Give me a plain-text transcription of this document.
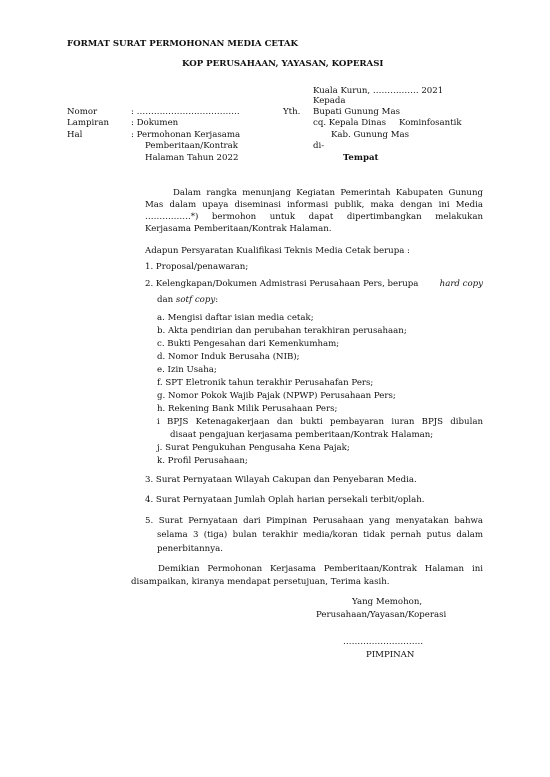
FORMAT SURAT PERMOHONAN MEDIA CETAK
KOP PERUSAHAAN, YAYASAN, KOPERASI
Kuala Kurun, ……………. 2021
Kepada
Nomor	: ………………………………	Yth. Bupati Gunung Mas
Lampiran	: Dokumen	cq. Kepala Dinas Kominfosantik
Hal	: Permohonan Kerjasama	Kab. Gunung Mas
Pemberitaan/Kontrak	di-
Halaman Tahun 2022	Tempat
Dalam rangka menunjang Kegiatan Pemerintah Kabupaten Gunung
Mas dalam upaya diseminasi informasi publik, maka dengan ini Media
…………….*) bermohon untuk dapat dipertimbangkan melakukan
Kerjasama Pemberitaan/Kontrak Halaman.
Adapun Persyaratan Kualifikasi Teknis Media Cetak berupa :
1. Proposal/penawaran;
2. Kelengkapan/Dokumen Admistrasi Perusahaan Pers, berupa hard copy
dan sotf copy:
a. Mengisi daftar isian media cetak;
b. Akta pendirian dan perubahan terakhiran perusahaan;
c. Bukti Pengesahan dari Kemenkumham;
d. Nomor Induk Berusaha (NIB);
e. Izin Usaha;
f. SPT Eletronik tahun terakhir Perusahafan Pers;
g. Nomor Pokok Wajib Pajak (NPWP) Perusahaan Pers;
h. Rekening Bank Milik Perusahaan Pers;
i BPJS Ketenagakerjaan dan bukti pembayaran iuran BPJS dibulan
disaat pengajuan kerjasama pemberitaan/Kontrak Halaman;
j. Surat Pengukuhan Pengusaha Kena Pajak;
k. Profil Perusahaan;
3. Surat Pernyataan Wilayah Cakupan dan Penyebaran Media.
4. Surat Pernyataan Jumlah Oplah harian persekali terbit/oplah.
5. Surat Pernyataan dari Pimpinan Perusahaan yang menyatakan bahwa
selama 3 (tiga) bulan terakhir media/koran tidak pernah putus dalam
penerbitannya.
Demikian Permohonan Kerjasama Pemberitaan/Kontrak Halaman ini
disampaikan, kiranya mendapat persetujuan, Terima kasih.
Yang Memohon,
Perusahaan/Yayasan/Koperasi
……………………….
PIMPINAN
